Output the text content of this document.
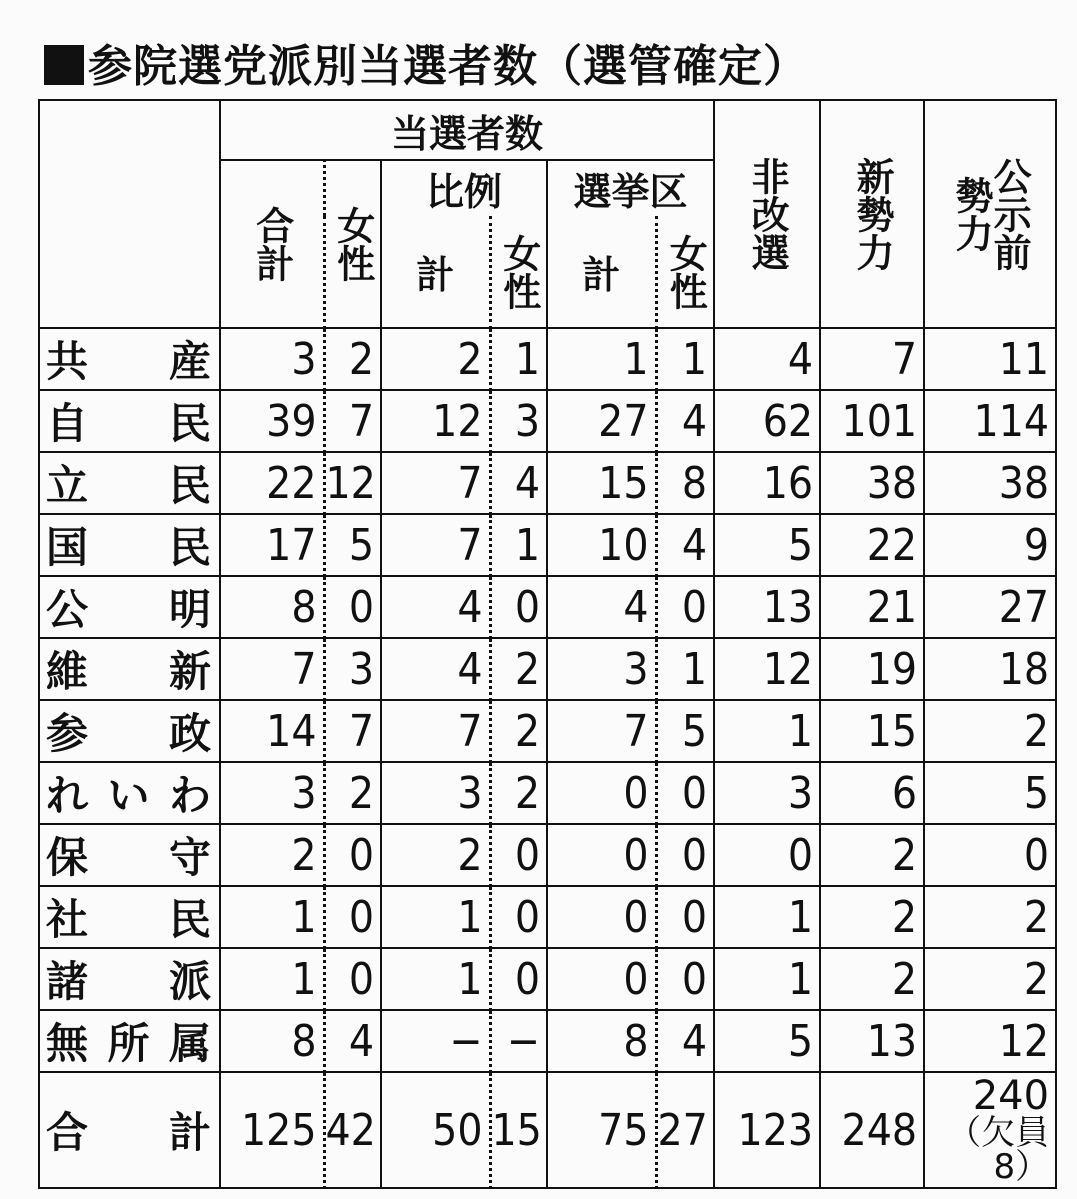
参院選党派別当選者数（選管確定）
	当選者数						非改選	新勢力	公示前勢力

	合計	女性	比例		選挙区				
			計	女性	計	女性			

共 産	3	2	2	1	1	1	4	7	11

自 民	39	7	12	3	27	4	62	101	114

立 民	22	12	7	4	15	8	16	38	38

国 民	17	5	7	1	10	4	5	22	9

公 明	8	0	4	0	4	0	13	21	27

維 新	7	3	4	2	3	1	12	19	18

参 政	14	7	7	2	7	5	1	15	2

れ い わ	3	2	3	2	0	0	3	6	5

保 守	2	0	2	0	0	0	0	2	0

社 民	1	0	1	0	0	0	1	2	2

諸 派	1	0	1	0	0	0	1	2	2

無 所 属	8	4	−	−	8	4	5	13	12

合 計	125	42	50	15	75	27	123	248	240
（欠員8）
